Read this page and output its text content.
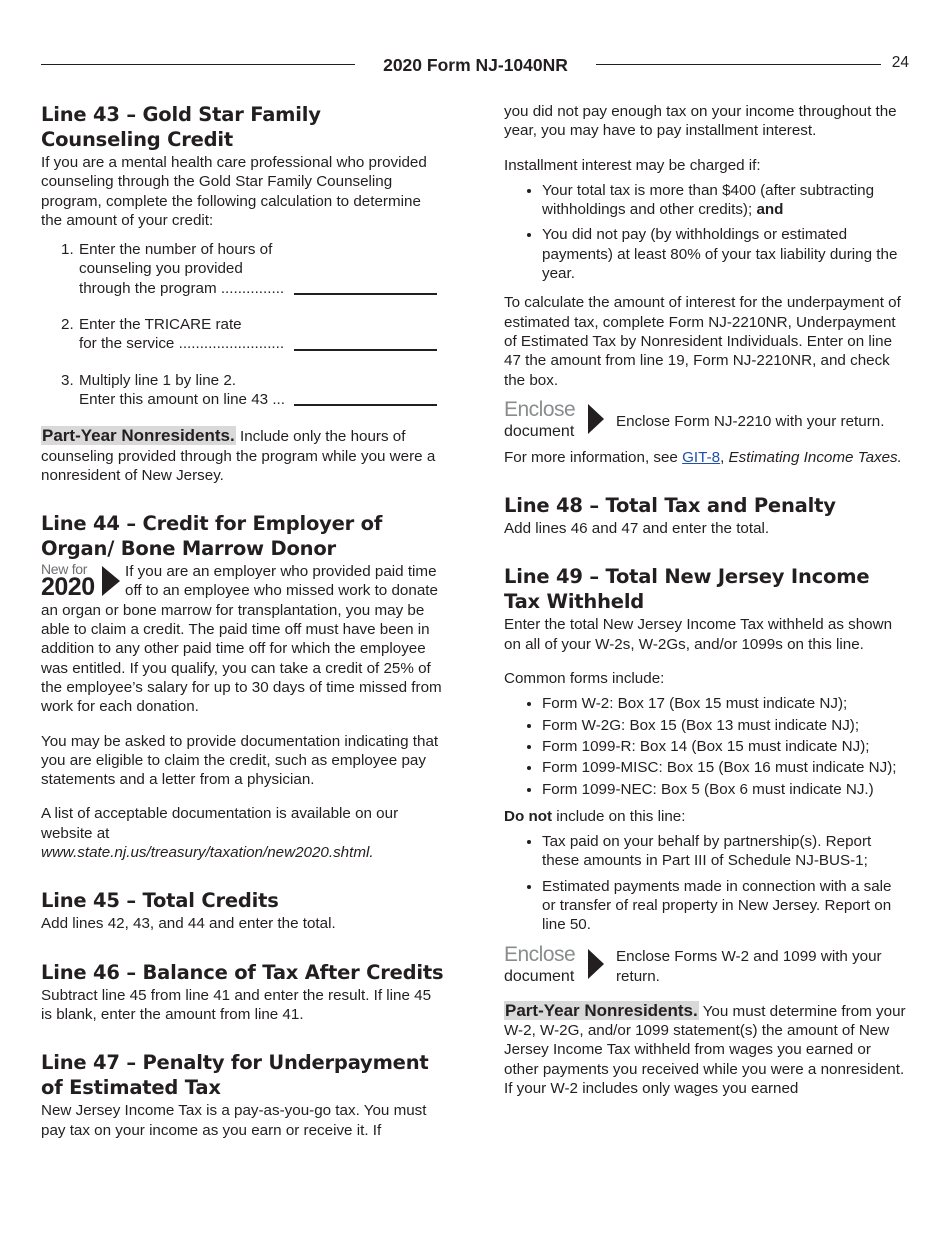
2020 Form NJ-1040NR	24
Line 43 – Gold Star Family Counseling Credit

If you are a mental health care professional who provided counseling through the Gold Star Family Counseling program, complete the following calculation to determine the amount of your credit:

1. Enter the number of hours of
counseling you provided
through the program ...............
2. Enter the TRICARE rate
for the service .........................
3. Multiply line 1 by line 2.
Enter this amount on line 43 ...

Part-Year Nonresidents. Include only the hours of counseling provided through the program while you were a nonresident of New Jersey.

Line 44 – Credit for Employer of Organ/ Bone Marrow Donor

New for
2020
If you are an employer who provided paid time off to an employee who missed work to donate an organ or bone marrow for transplantation, you may be able to claim a credit. The paid time off must have been in addition to any other paid time off for which the employee was entitled. If you qualify, you can take a credit of 25% of the employee’s salary for up to 30 days of time missed from work for each donation.

You may be asked to provide documentation indicating that you are eligible to claim the credit, such as employee pay statements and a letter from a physician.

A list of acceptable documentation is available on our website at www.state.nj.us/treasury/taxation/new2020.shtml.

Line 45 – Total Credits

Add lines 42, 43, and 44 and enter the total.

Line 46 – Balance of Tax After Credits

Subtract line 45 from line 41 and enter the result. If line 45 is blank, enter the amount from line 41.

Line 47 – Penalty for Underpayment of Estimated Tax

New Jersey Income Tax is a pay-as-you-go tax. You must pay tax on your income as you earn or receive it. If

you did not pay enough tax on your income throughout the year, you may have to pay installment interest.

Installment interest may be charged if:

• Your total tax is more than $400 (after subtracting withholdings and other credits); and
• You did not pay (by withholdings or estimated payments) at least 80% of your tax liability during the year.

To calculate the amount of interest for the underpayment of estimated tax, complete Form NJ-2210NR, Underpayment of Estimated Tax by Nonresident Individuals. Enter on line 47 the amount from line 19, Form NJ-2210NR, and check the box.

Enclose
document
Enclose Form NJ-2210 with your return.

For more information, see GIT-8, Estimating Income Taxes.

Line 48 – Total Tax and Penalty

Add lines 46 and 47 and enter the total.

Line 49 – Total New Jersey Income Tax Withheld

Enter the total New Jersey Income Tax withheld as shown on all of your W-2s, W-2Gs, and/or 1099s on this line.

Common forms include:

• Form W-2: Box 17 (Box 15 must indicate NJ);
• Form W-2G: Box 15 (Box 13 must indicate NJ);
• Form 1099-R: Box 14 (Box 15 must indicate NJ);
• Form 1099-MISC: Box 15 (Box 16 must indicate NJ);
• Form 1099-NEC: Box 5 (Box 6 must indicate NJ.)

Do not include on this line:

• Tax paid on your behalf by partnership(s). Report these amounts in Part III of Schedule NJ-BUS-1;
• Estimated payments made in connection with a sale or transfer of real property in New Jersey. Report on line 50.
Enclose
document
Enclose Forms W-2 and 1099 with your return.

Part-Year Nonresidents. You must determine from your W-2, W-2G, and/or 1099 statement(s) the amount of New Jersey Income Tax withheld from wages you earned or other payments you received while you were a nonresident. If your W-2 includes only wages you earned
